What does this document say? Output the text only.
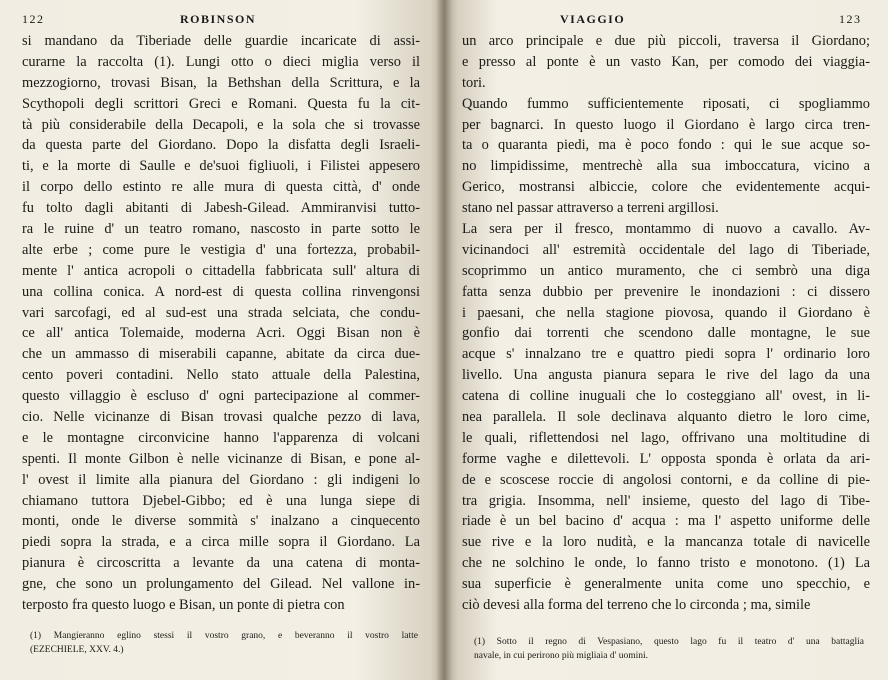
122	ROBINSON
si mandano da Tiberiade delle guardie incaricate di assi-
curarne la raccolta (1). Lungi otto o dieci miglia verso il
mezzogiorno, trovasi Bisan, la Bethshan della Scrittura, e la
Scythopoli degli scrittori Greci e Romani. Questa fu la cit-
tà più considerabile della Decapoli, e la sola che si trovasse
da questa parte del Giordano. Dopo la disfatta degli Israeli-
ti, e la morte di Saulle e de'suoi figliuoli, i Filistei appesero
il corpo dello estinto re alle mura di questa città, d' onde
fu tolto dagli abitanti di Jabesh-Gilead. Ammiranvisi tutto-
ra le ruine d' un teatro romano, nascosto in parte sotto le
alte erbe ; come pure le vestigia d' una fortezza, probabil-
mente l' antica acropoli o cittadella fabbricata sull' altura di
una collina conica. A nord-est di questa collina rinvengonsi
vari sarcofagi, ed al sud-est una strada selciata, che condu-
ce all' antica Tolemaide, moderna Acri. Oggi Bisan non è
che un ammasso di miserabili capanne, abitate da circa due-
cento poveri contadini. Nello stato attuale della Palestina,
questo villaggio è escluso d' ogni partecipazione al commer-
cio. Nelle vicinanze di Bisan trovasi qualche pezzo di lava,
e le montagne circonvicine hanno l'apparenza di volcani
spenti. Il monte Gilbon è nelle vicinanze di Bisan, e pone al-
l' ovest il limite alla pianura del Giordano : gli indigeni lo
chiamano tuttora Djebel-Gibbo; ed è una lunga siepe di
monti, onde le diverse sommità s' inalzano a cinquecento
piedi sopra la strada, e a circa mille sopra il Giordano. La
pianura è circoscritta a levante da una catena di monta-
gne, che sono un prolungamento del Gilead. Nel vallone in-
terposto fra questo luogo e Bisan, un ponte di pietra con
(1) Mangieranno eglino stessi il vostro grano, e beveranno il vostro latte
(EZECHIELE, XXV. 4.)
VIAGGIO	123
un arco principale e due più piccoli, traversa il Giordano;
e presso al ponte è un vasto Kan, per comodo dei viaggia-
tori.
Quando fummo sufficientemente riposati, ci spogliammo
per bagnarci. In questo luogo il Giordano è largo circa tren-
ta o quaranta piedi, ma è poco fondo : qui le sue acque so-
no limpidissime, mentrechè alla sua imboccatura, vicino a
Gerico, mostransi albiccie, colore che evidentemente acqui-
stano nel passar attraverso a terreni argillosi.
La sera per il fresco, montammo di nuovo a cavallo. Av-
vicinandoci all' estremità occidentale del lago di Tiberiade,
scoprimmo un antico muramento, che ci sembrò una diga
fatta senza dubbio per prevenire le inondazioni : ci dissero
i paesani, che nella stagione piovosa, quando il Giordano è
gonfio dai torrenti che scendono dalle montagne, le sue
acque s' innalzano tre e quattro piedi sopra l' ordinario loro
livello. Una angusta pianura separa le rive del lago da una
catena di colline inuguali che lo costeggiano all' ovest, in li-
nea parallela. Il sole declinava alquanto dietro le loro cime,
le quali, riflettendosi nel lago, offrivano una moltitudine di
forme vaghe e dilettevoli. L' opposta sponda è orlata da ari-
de e scoscese roccie di angolosi contorni, e da colline di pie-
tra grigia. Insomma, nell' insieme, questo del lago di Tibe-
riade è un bel bacino d' acqua : ma l' aspetto uniforme delle
sue rive e la loro nudità, e la mancanza totale di navicelle
che ne solchino le onde, lo fanno tristo e monotono. (1) La
sua superficie è generalmente unita come uno specchio, e
ciò devesi alla forma del terreno che lo circonda ; ma, simile
(1) Sotto il regno di Vespasiano, questo lago fu il teatro d' una battaglia
navale, in cui perirono più migliaia d' uomini.
